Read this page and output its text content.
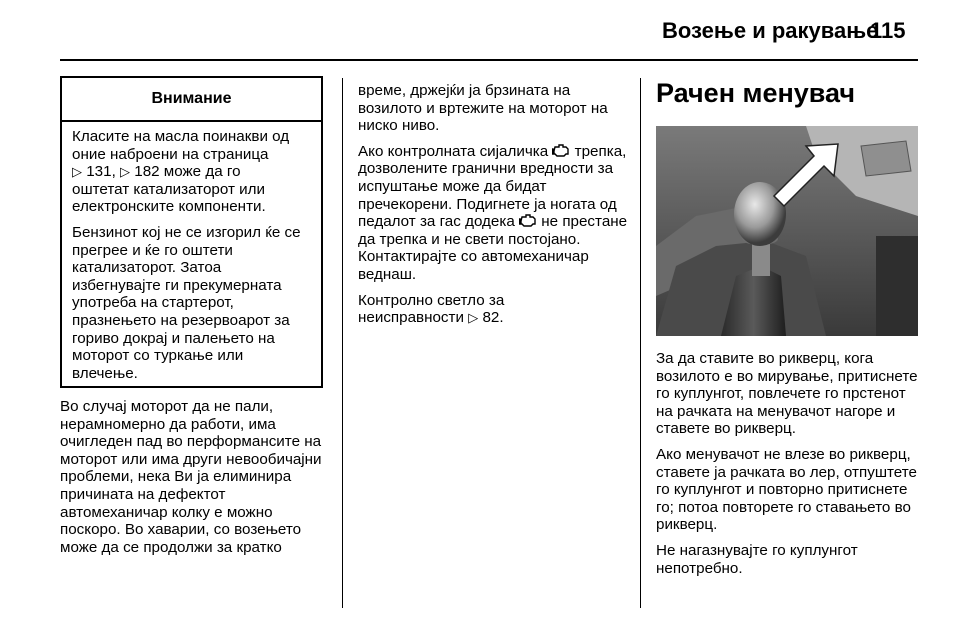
Возење и ракување
115
Внимание

Класите на масла поинакви од
оние наброени на страница
▷ 131, ▷ 182 може да го
оштетат катализаторот или
електронските компоненти.

Бензинот кој не се изгорил ќе се прегрее и ќе го оштети катализаторот. Затоа избегнувајте ги прекумерната употреба на стартерот, празнењето на резервоарот за гориво докрај и палењето на моторот со туркање или влечење.

Во случај моторот да не пали, нерамномерно да работи, има очигледен пад во перформансите на моторот или има други невообичајни проблеми, нека Ви ја елиминира причината на дефектот автомеханичар колку е можно поскоро. Во хаварии, со возењето може да се продолжи за кратко

време, држејќи ја брзината на возилото и вртежите на моторот на ниско ниво.

Ако контролната сијаличка трепка, дозволените гранични вредности за испуштање може да бидат пречекорени. Подигнете ја ногата од педалот за гас додека не престане да трепка и не свети постојано. Контактирајте со автомеханичар веднаш.

Контролно светло за
неисправности ▷ 82.

Рачен менувач

За да ставите во рикверц, кога возилото е во мирување, притиснете го куплунгот, повлечете го прстенот на рачката на менувачот нагоре и ставете во рикверц.

Ако менувачот не влезе во рикверц, ставете ја рачката во лер, отпуштете го куплунгот и повторно притиснете го; потоа повторете го ставањето во рикверц.

Не нагазнувајте го куплунгот непотребно.
